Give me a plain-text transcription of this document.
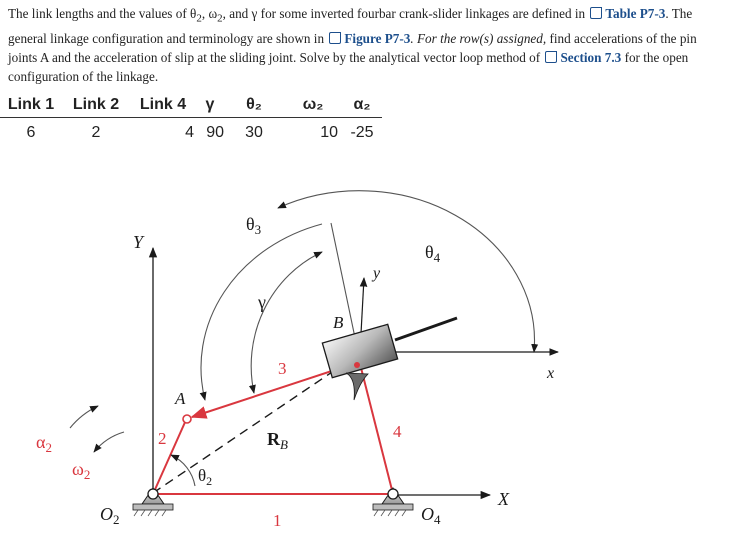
The link lengths and the values of $\theta_2$, $\omega_2$, and γ for some inverted fourbar crank-slider linkages are defined in Table P7-3. The general linkage configuration and terminology are shown in Figure P7-3. For the row(s) assigned, find accelerations of the pin joints A and the acceleration of slip at the sliding joint. Solve by the analytical vector loop method of Section 7.3 for the open configuration of the linkage.
Link 1	Link 2	Link 4	γ	θ₂	ω₂	α₂
6	2	4	90	30	10	-25
$\theta_3$
$\theta_4$
γ
Y
y
x
X
B
A
3
2	4
1
$R_B$
$\theta_2$
$\alpha_2$
$\omega_2$
$O_2$	$O_4$
